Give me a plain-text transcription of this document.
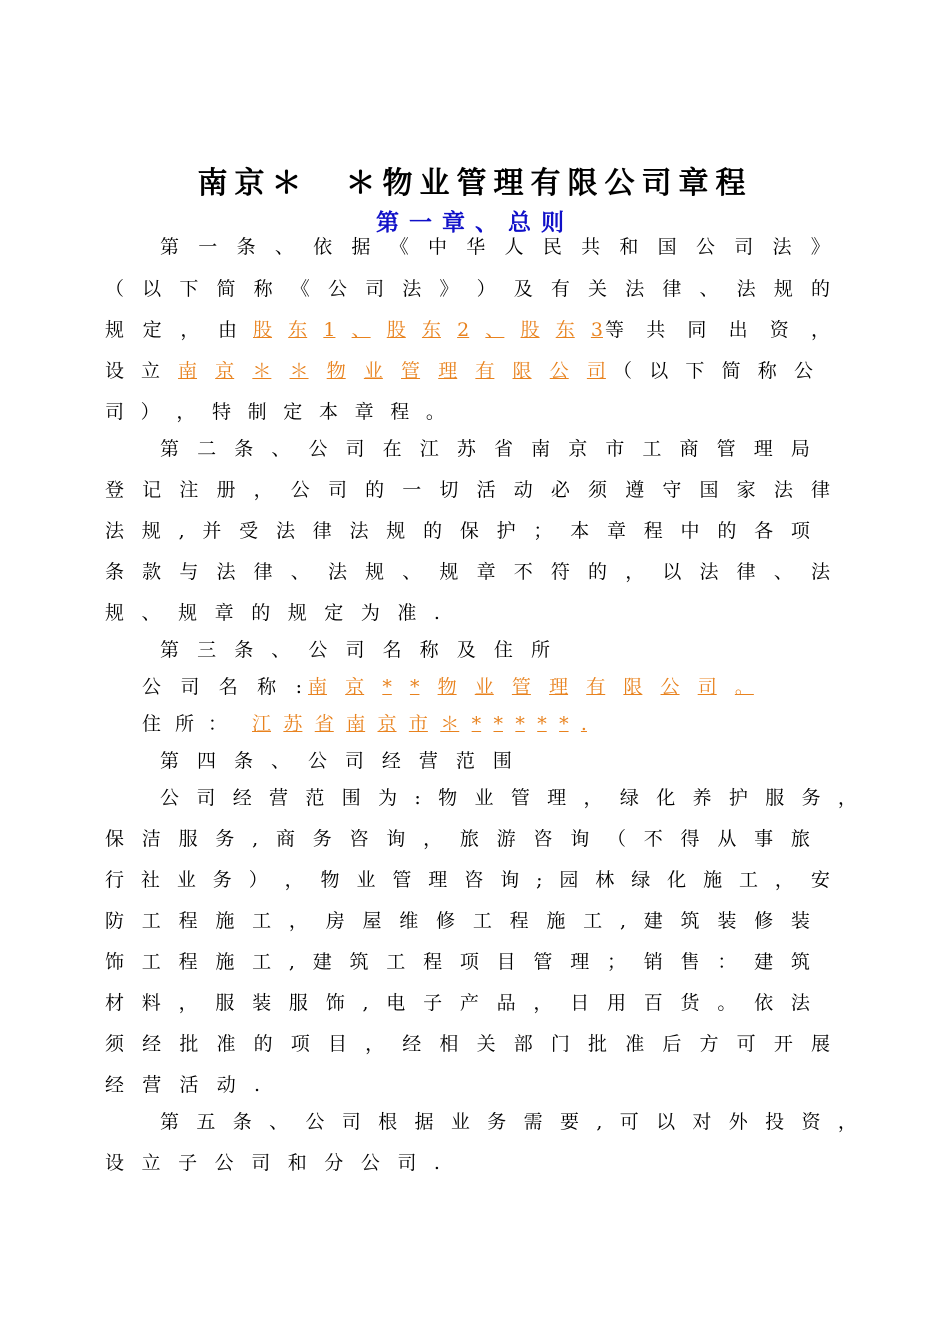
南京＊　＊物业管理有限公司章程
第一章、总则
第 一 条 、 依 据 《 中 华 人 民 共 和 国 公 司 法 》
（ 以 下 简 称 《 公 司 法 》 ） 及 有 关 法 律 、 法 规 的
规 定 ， 由 股 东 1 、 股 东 2 、 股 东 3 等 共 同 出 资 ，
设 立 南 京 ＊ ＊ 物 业 管 理 有 限 公 司 （ 以 下 简 称 公
司 ） ， 特 制 定 本 章 程 。
第 二 条 、 公 司 在 江 苏 省 南 京 市 工 商 管 理 局
登 记 注 册 ， 公 司 的 一 切 活 动 必 须 遵 守 国 家 法 律
法 规 , 并 受 法 律 法 规 的 保 护 ； 本 章 程 中 的 各 项
条 款 与 法 律 、 法 规 、 规 章 不 符 的 ， 以 法 律 、 法
规 、 规 章 的 规 定 为 准 .
第 三 条 、 公 司 名 称 及 住 所
公 司 名 称 : 南 京 * * 物 业 管 理 有 限 公 司 。
住 所 ： 江 苏 省 南 京 市 ＊ * * * * * .
第 四 条 、 公 司 经 营 范 围
公 司 经 营 范 围 为 : 物 业 管 理 ， 绿 化 养 护 服 务 ，
保 洁 服 务 , 商 务 咨 询 ， 旅 游 咨 询 （ 不 得 从 事 旅
行 社 业 务 ） ， 物 业 管 理 咨 询 ; 园 林 绿 化 施 工 ， 安
防 工 程 施 工 ， 房 屋 维 修 工 程 施 工 , 建 筑 装 修 装
饰 工 程 施 工 , 建 筑 工 程 项 目 管 理 ； 销 售 ： 建 筑
材 料 ， 服 装 服 饰 , 电 子 产 品 ， 日 用 百 货 。 依 法
须 经 批 准 的 项 目 ， 经 相 关 部 门 批 准 后 方 可 开 展
经 营 活 动 .
第 五 条 、 公 司 根 据 业 务 需 要 , 可 以 对 外 投 资 ，
设 立 子 公 司 和 分 公 司 .
